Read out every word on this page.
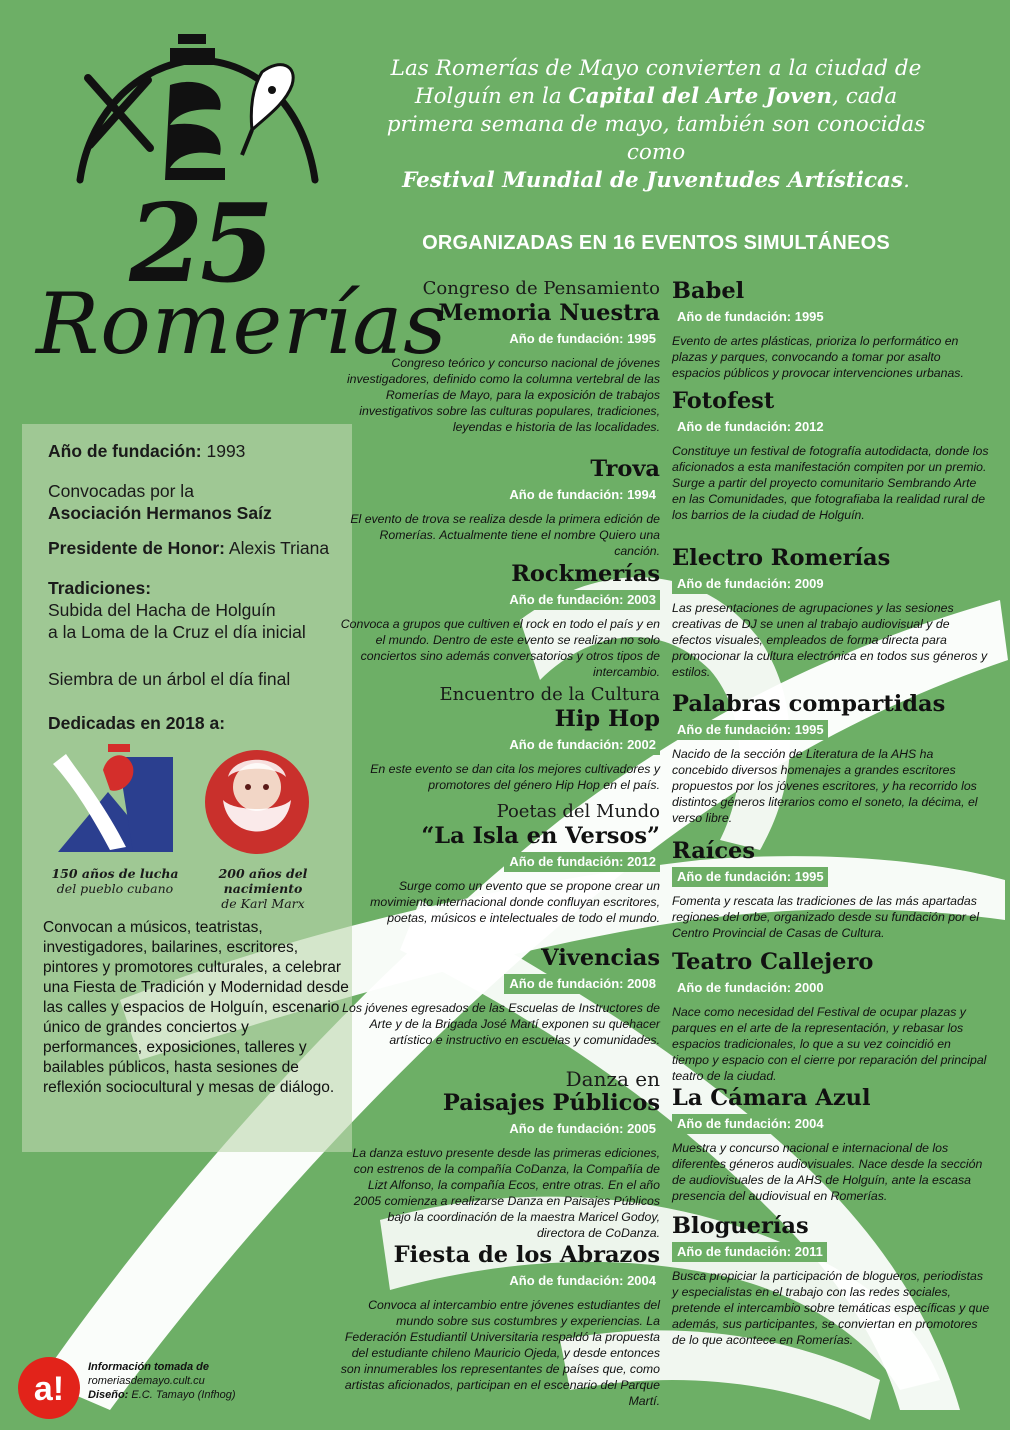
25
Romerías
Las Romerías de Mayo convierten a la ciudad de Holguín en la Capital del Arte Joven, cada primera semana de mayo, también son conocidas como
Festival Mundial de Juventudes Artísticas.
ORGANIZADAS EN 16 EVENTOS SIMULTÁNEOS
Año de fundación: 1993
Convocadas por la
Asociación Hermanos Saíz
Presidente de Honor: Alexis Triana
Tradiciones:
Subida del Hacha de Holguín
a la Loma de la Cruz el día inicial
Siembra de un árbol el día final
Dedicadas en 2018 a:
150 años de lucha
del pueblo cubano
200 años del nacimiento
de Karl Marx
Convocan a músicos, teatristas, investigadores, bailarines, escritores, pintores y promotores culturales, a celebrar una Fiesta de Tradición y Modernidad desde las calles y espacios de Holguín, escenario único de grandes conciertos y performances, exposiciones, talleres y bailables públicos, hasta sesiones de reflexión sociocultural y mesas de diálogo.
a!
Información tomada de
romeriasdemayo.cult.cu
Diseño: E.C. Tamayo (Infhog)
Congreso de Pensamiento
Memoria Nuestra
Año de fundación: 1995
Congreso teórico y concurso nacional de jóvenes investigadores, definido como la columna vertebral de las Romerías de Mayo, para la exposición de trabajos investigativos sobre las culturas populares, tradiciones, leyendas e historia de las localidades.
Trova
Año de fundación: 1994
El evento de trova se realiza desde la primera edición de Romerías. Actualmente tiene el nombre Quiero una canción.
Rockmerías
Año de fundación: 2003
Convoca a grupos que cultiven el rock en todo el país y en el mundo. Dentro de este evento se realizan no solo conciertos sino además conversatorios y otros tipos de intercambio.
Encuentro de la Cultura
Hip Hop
Año de fundación: 2002
En este evento se dan cita los mejores cultivadores y promotores del género Hip Hop en el país.
Poetas del Mundo
“La Isla en Versos”
Año de fundación: 2012
Surge como un evento que se propone crear un movimiento internacional donde confluyan escritores, poetas, músicos e intelectuales de todo el mundo.
Vivencias
Año de fundación: 2008
Los jóvenes egresados de las Escuelas de Instructores de Arte y de la Brigada José Martí exponen su quehacer artístico e instructivo en escuelas y comunidades.
Danza en
Paisajes Públicos
Año de fundación: 2005
La danza estuvo presente desde las primeras ediciones, con estrenos de la compañía CoDanza, la Compañía de Lizt Alfonso, la compañía Ecos, entre otras. En el año 2005 comienza a realizarse Danza en Paisajes Públicos bajo la coordinación de la maestra Maricel Godoy, directora de CoDanza.
Fiesta de los Abrazos
Año de fundación: 2004
Convoca al intercambio entre jóvenes estudiantes del mundo sobre sus costumbres y experiencias. La Federación Estudiantil Universitaria respaldó la propuesta del estudiante chileno Mauricio Ojeda, y desde entonces son innumerables los representantes de países que, como artistas aficionados, participan en el escenario del Parque Martí.
Babel
Año de fundación: 1995
Evento de artes plásticas, prioriza lo performático en plazas y parques, convocando a tomar por asalto espacios públicos y provocar intervenciones urbanas.
Fotofest
Año de fundación: 2012
Constituye un festival de fotografía autodidacta, donde los aficionados a esta manifestación compiten por un premio. Surge a partir del proyecto comunitario Sembrando Arte en las Comunidades, que fotografiaba la realidad rural de los barrios de la ciudad de Holguín.
Electro Romerías
Año de fundación: 2009
Las presentaciones de agrupaciones y las sesiones creativas de DJ se unen al trabajo audiovisual y de efectos visuales, empleados de forma directa para promocionar la cultura electrónica en todos sus géneros y estilos.
Palabras compartidas
Año de fundación: 1995
Nacido de la sección de Literatura de la AHS ha concebido diversos homenajes a grandes escritores propuestos por los jóvenes escritores, y ha recorrido los distintos géneros literarios como el soneto, la décima, el verso libre.
Raíces
Año de fundación: 1995
Fomenta y rescata las tradiciones de las más apartadas regiones del orbe, organizado desde su fundación por el Centro Provincial de Casas de Cultura.
Teatro Callejero
Año de fundación: 2000
Nace como necesidad del Festival de ocupar plazas y parques en el arte de la representación, y rebasar los espacios tradicionales, lo que a su vez coincidió en tiempo y espacio con el cierre por reparación del principal teatro de la ciudad.
La Cámara Azul
Año de fundación: 2004
Muestra y concurso nacional e internacional de los diferentes géneros audiovisuales. Nace desde la sección de audiovisuales de la AHS de Holguín, ante la escasa presencia del audiovisual en Romerías.
Bloguerías
Año de fundación: 2011
Busca propiciar la participación de blogueros, periodistas y especialistas en el trabajo con las redes sociales, pretende el intercambio sobre temáticas específicas y que además, sus participantes, se conviertan en promotores de lo que acontece en Romerías.
